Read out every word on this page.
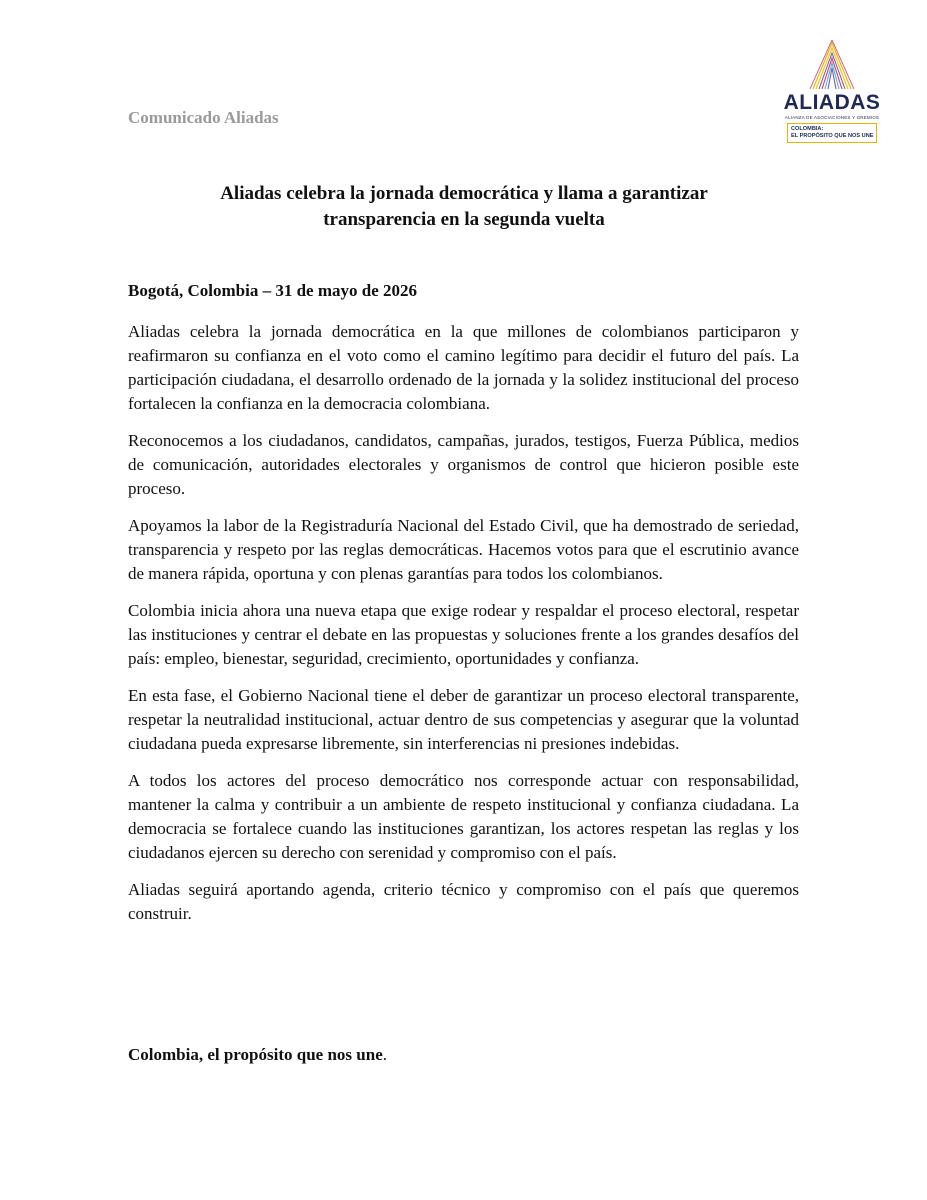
Comunicado Aliadas
ALIADAS
ALIANZA DE ASOCIACIONES Y GREMIOS
COLOMBIA:
EL PROPÓSITO QUE NOS UNE
Aliadas celebra la jornada democrática y llama a garantizar
transparencia en la segunda vuelta
Bogotá, Colombia – 31 de mayo de 2026

Aliadas celebra la jornada democrática en la que millones de colombianos participaron y reafirmaron su confianza en el voto como el camino legítimo para decidir el futuro del país. La participación ciudadana, el desarrollo ordenado de la jornada y la solidez institucional del proceso fortalecen la confianza en la democracia colombiana.

Reconocemos a los ciudadanos, candidatos, campañas, jurados, testigos, Fuerza Pública, medios de comunicación, autoridades electorales y organismos de control que hicieron posible este proceso.

Apoyamos la labor de la Registraduría Nacional del Estado Civil, que ha demostrado de seriedad, transparencia y respeto por las reglas democráticas. Hacemos votos para que el escrutinio avance de manera rápida, oportuna y con plenas garantías para todos los colombianos.

Colombia inicia ahora una nueva etapa que exige rodear y respaldar el proceso electoral, respetar las instituciones y centrar el debate en las propuestas y soluciones frente a los grandes desafíos del país: empleo, bienestar, seguridad, crecimiento, oportunidades y confianza.

En esta fase, el Gobierno Nacional tiene el deber de garantizar un proceso electoral transparente, respetar la neutralidad institucional, actuar dentro de sus competencias y asegurar que la voluntad ciudadana pueda expresarse libremente, sin interferencias ni presiones indebidas.

A todos los actores del proceso democrático nos corresponde actuar con responsabilidad, mantener la calma y contribuir a un ambiente de respeto institucional y confianza ciudadana. La democracia se fortalece cuando las instituciones garantizan, los actores respetan las reglas y los ciudadanos ejercen su derecho con serenidad y compromiso con el país.

Aliadas seguirá aportando agenda, criterio técnico y compromiso con el país que queremos construir.

Colombia, el propósito que nos une.
